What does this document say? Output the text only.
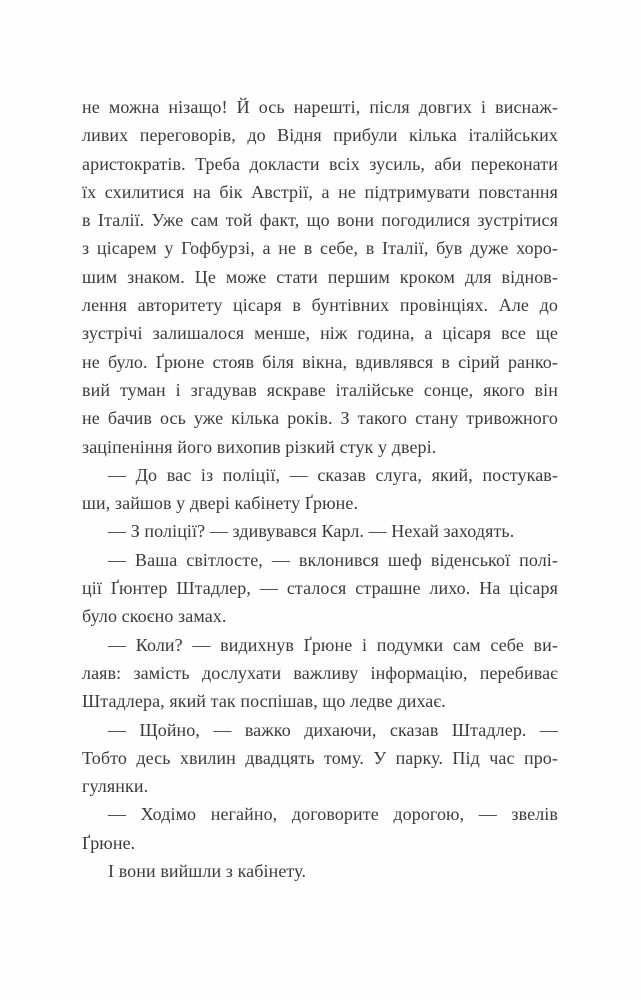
не можна нізащо! Й ось нарешті, після довгих і виснаж-
ливих переговорів, до Відня прибули кілька італійських
аристократів. Треба докласти всіх зусиль, аби переконати
їх схилитися на бік Австрії, а не підтримувати повстання
в Італії. Уже сам той факт, що вони погодилися зустрітися
з цісарем у Гофбурзі, а не в себе, в Італії, був дуже хоро-
шим знаком. Це може стати першим кроком для віднов-
лення авторитету цісаря в бунтівних провінціях. Але до
зустрічі залишалося менше, ніж година, а цісаря все ще
не було. Ґрюне стояв біля вікна, вдивлявся в сірий ранко-
вий туман і згадував яскраве італійське сонце, якого він
не бачив ось уже кілька років. З такого стану тривожного
заціпеніння його вихопив різкий стук у двері.
— До вас із поліції, — сказав слуга, який, постукав-
ши, зайшов у двері кабінету Ґрюне.
— З поліції? — здивувався Карл. — Нехай заходять.
— Ваша світлосте, — вклонився шеф віденської полі-
ції Ґюнтер Штадлер, — сталося страшне лихо. На цісаря
було скоєно замах.
— Коли? — видихнув Ґрюне і подумки сам себе ви-
лаяв: замість дослухати важливу інформацію, перебиває
Штадлера, який так поспішав, що ледве дихає.
— Щойно, — важко дихаючи, сказав Штадлер. —
Тобто десь хвилин двадцять тому. У парку. Під час про-
гулянки.
— Ходімо негайно, договорите дорогою, — звелів
Ґрюне.
І вони вийшли з кабінету.
